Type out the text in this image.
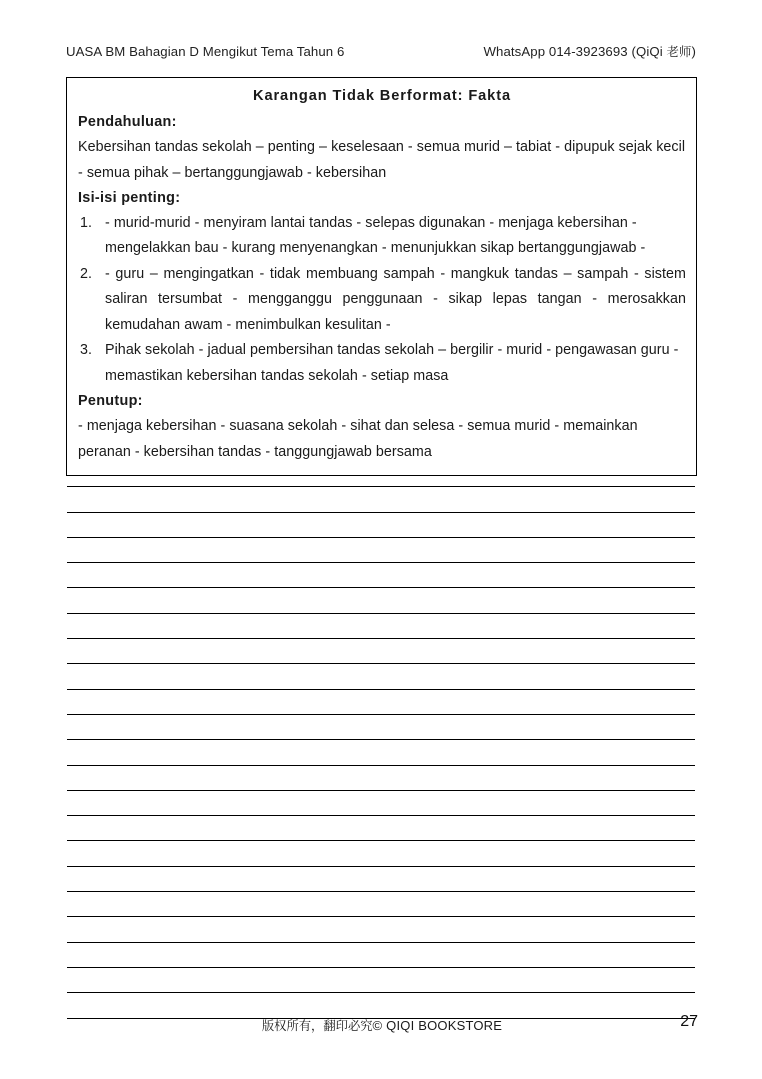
UASA BM Bahagian D Mengikut Tema Tahun 6	WhatsApp 014-3923693 (QiQi 老师)
Karangan Tidak Berformat: Fakta
Pendahuluan:
Kebersihan tandas sekolah – penting – keselesaan - semua murid – tabiat - dipupuk sejak kecil - semua pihak – bertanggungjawab - kebersihan
Isi-isi penting:
1. - murid-murid - menyiram lantai tandas - selepas digunakan - menjaga kebersihan - mengelakkan bau - kurang menyenangkan - menunjukkan sikap bertanggungjawab -
2. - guru – mengingatkan - tidak membuang sampah - mangkuk tandas – sampah - sistem saliran tersumbat - mengganggu penggunaan - sikap lepas tangan - merosakkan kemudahan awam - menimbulkan kesulitan -
3. Pihak sekolah - jadual pembersihan tandas sekolah – bergilir - murid - pengawasan guru - memastikan kebersihan tandas sekolah - setiap masa
Penutup:
- menjaga kebersihan - suasana sekolah - sihat dan selesa - semua murid - memainkan peranan - kebersihan tandas - tanggungjawab bersama
版权所有，翻印必究© QIQI BOOKSTORE	27
